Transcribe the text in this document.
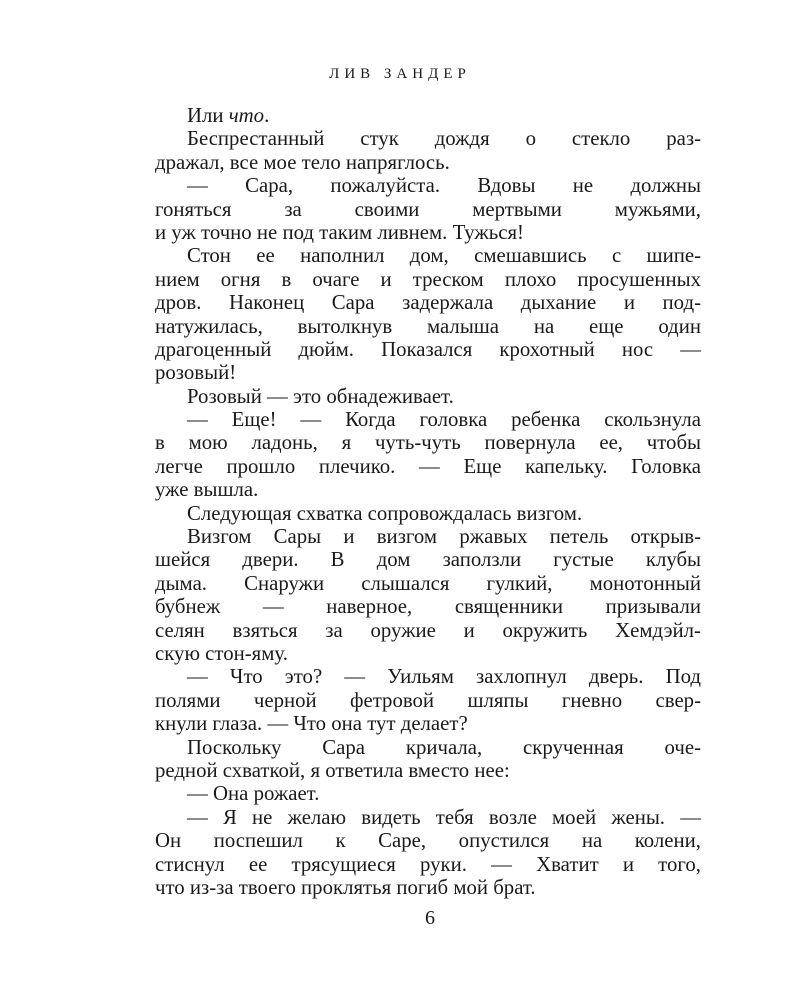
ЛИВ ЗАНДЕР
Или что.
Беспрестанный стук дождя о стекло раз-
дражал, все мое тело напряглось.
— Сара, пожалуйста. Вдовы не должны
гоняться за своими мертвыми мужьями,
и уж точно не под таким ливнем. Тужься!
Стон ее наполнил дом, смешавшись с шипе-
нием огня в очаге и треском плохо просушенных
дров. Наконец Сара задержала дыхание и под-
натужилась, вытолкнув малыша на еще один
драгоценный дюйм. Показался крохотный нос —
розовый!
Розовый — это обнадеживает.
— Еще! — Когда головка ребенка скользнула
в мою ладонь, я чуть-чуть повернула ее, чтобы
легче прошло плечико. — Еще капельку. Головка
уже вышла.
Следующая схватка сопровождалась визгом.
Визгом Сары и визгом ржавых петель открыв-
шейся двери. В дом заползли густые клубы
дыма. Снаружи слышался гулкий, монотонный
бубнеж — наверное, священники призывали
селян взяться за оружие и окружить Хемдэйл-
скую стон-яму.
— Что это? — Уильям захлопнул дверь. Под
полями черной фетровой шляпы гневно свер-
кнули глаза. — Что она тут делает?
Поскольку Сара кричала, скрученная оче-
редной схваткой, я ответила вместо нее:
— Она рожает.
— Я не желаю видеть тебя возле моей жены. —
Он поспешил к Саре, опустился на колени,
стиснул ее трясущиеся руки. — Хватит и того,
что из-за твоего проклятья погиб мой брат.
6
